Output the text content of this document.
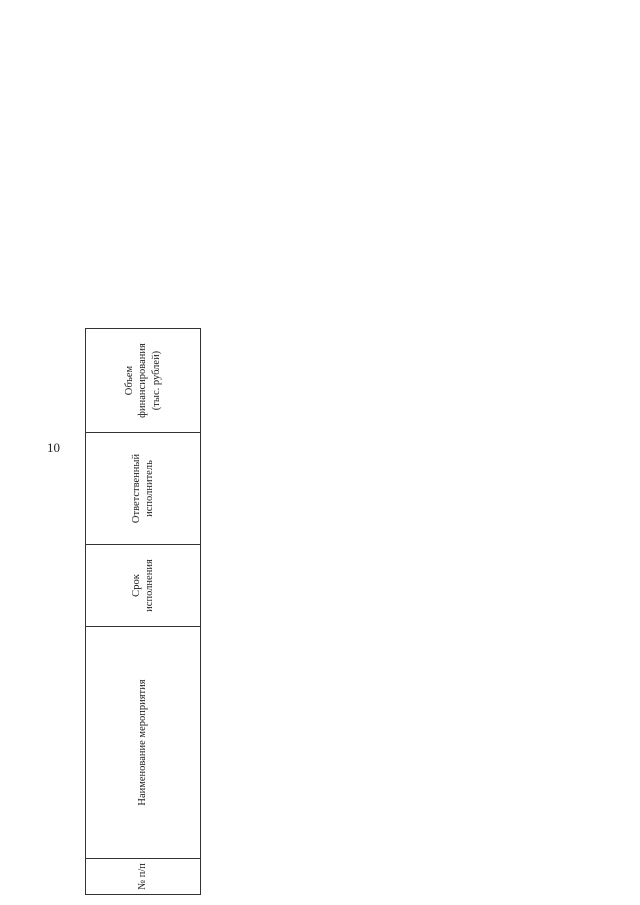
10
№ п/п	Наименование мероприятия	Срок исполнения	Ответственный исполнитель	Объем финансирования (тыс. рублей)	
